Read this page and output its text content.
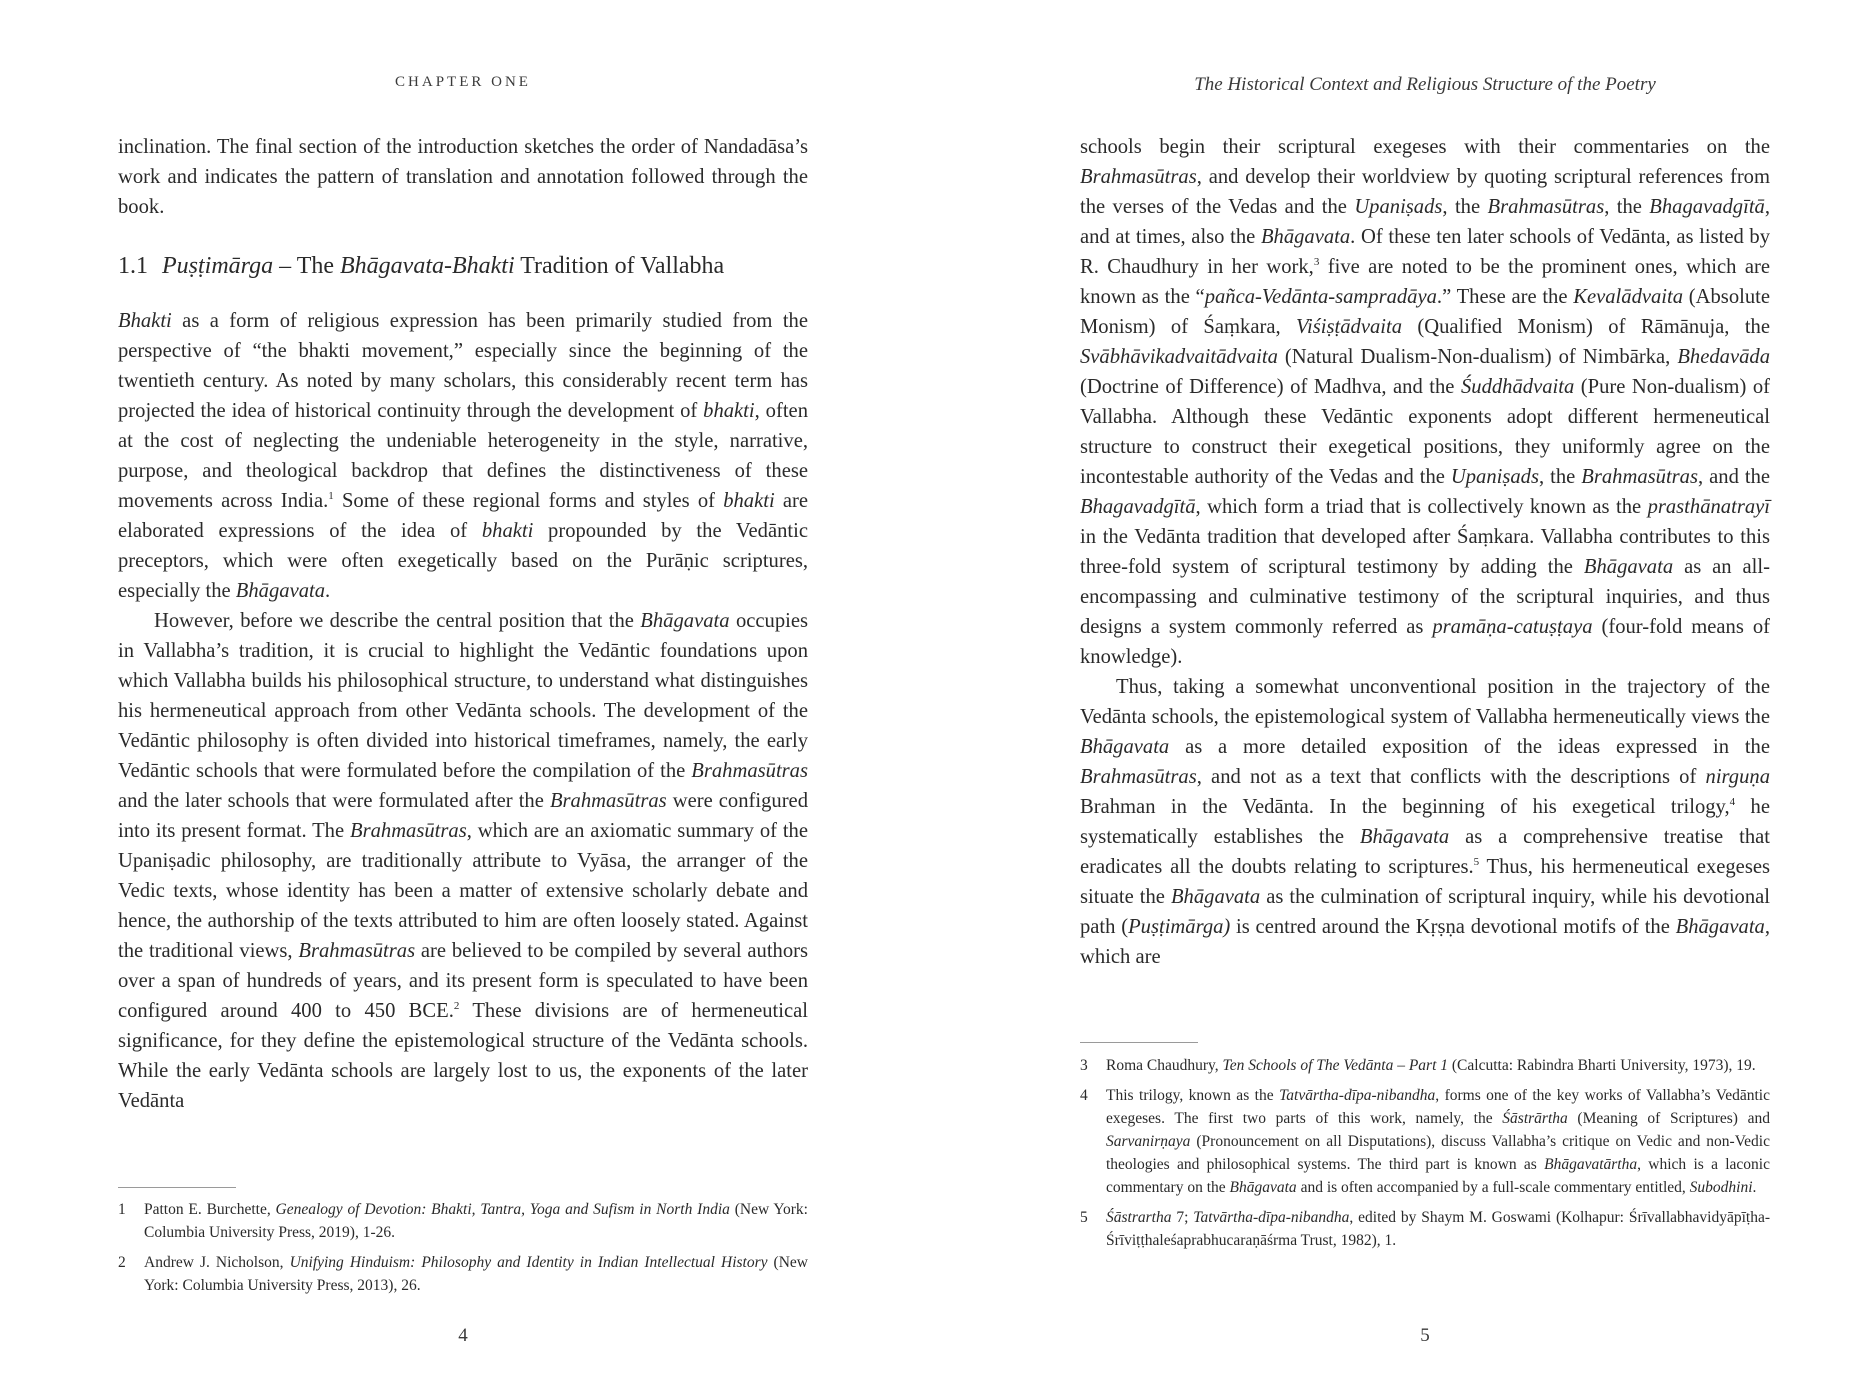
CHAPTER ONE

inclination. The final section of the introduction sketches the order of Nandadāsa’s work and indicates the pattern of translation and annotation followed through the book.

1.1 Puṣṭimārga – The Bhāgavata-Bhakti Tradition of Vallabha

Bhakti as a form of religious expression has been primarily studied from the perspective of “the bhakti movement,” especially since the beginning of the twentieth century. As noted by many scholars, this considerably recent term has projected the idea of historical continuity through the development of bhakti, often at the cost of neglecting the undeniable heterogeneity in the style, narrative, purpose, and theological backdrop that defines the distinctiveness of these movements across India.$^1$ Some of these regional forms and styles of bhakti are elaborated expressions of the idea of bhakti propounded by the Vedāntic preceptors, which were often exegetically based on the Purāṇic scriptures, especially the Bhāgavata.

However, before we describe the central position that the Bhāgavata occupies in Vallabha’s tradition, it is crucial to highlight the Vedāntic foundations upon which Vallabha builds his philosophical structure, to understand what distinguishes his hermeneutical approach from other Vedānta schools. The development of the Vedāntic philosophy is often divided into historical timeframes, namely, the early Vedāntic schools that were formulated before the compilation of the Brahmasūtras and the later schools that were formulated after the Brahmasūtras were configured into its present format. The Brahmasūtras, which are an axiomatic summary of the Upaniṣadic philosophy, are traditionally attribute to Vyāsa, the arranger of the Vedic texts, whose identity has been a matter of extensive scholarly debate and hence, the authorship of the texts attributed to him are often loosely stated. Against the traditional views, Brahmasūtras are believed to be compiled by several authors over a span of hundreds of years, and its present form is speculated to have been configured around 400 to 450 BCE.$^2$ These divisions are of hermeneutical significance, for they define the epistemological structure of the Vedānta schools. While the early Vedānta schools are largely lost to us, the exponents of the later Vedānta

1	Patton E. Burchette, Genealogy of Devotion: Bhakti, Tantra, Yoga and Sufism in North India (New York: Columbia University Press, 2019), 1-26.
2	Andrew J. Nicholson, Unifying Hinduism: Philosophy and Identity in Indian Intellectual History (New York: Columbia University Press, 2013), 26.
4
The Historical Context and Religious Structure of the Poetry

schools begin their scriptural exegeses with their commentaries on the Brahmasūtras, and develop their worldview by quoting scriptural references from the verses of the Vedas and the Upaniṣads, the Brahmasūtras, the Bhagavadgītā, and at times, also the Bhāgavata. Of these ten later schools of Vedānta, as listed by R. Chaudhury in her work,$^3$ five are noted to be the prominent ones, which are known as the “pañca-Vedānta-sampradāya.” These are the Kevalādvaita (Absolute Monism) of Śaṃkara, Viśiṣṭādvaita (Qualified Monism) of Rāmānuja, the Svābhāvikadvaitādvaita (Natural Dualism-Non-dualism) of Nimbārka, Bhedavāda (Doctrine of Difference) of Madhva, and the Śuddhādvaita (Pure Non-dualism) of Vallabha. Although these Vedāntic exponents adopt different hermeneutical structure to construct their exegetical positions, they uniformly agree on the incontestable authority of the Vedas and the Upaniṣads, the Brahmasūtras, and the Bhagavadgītā, which form a triad that is collectively known as the prasthānatrayī in the Vedānta tradition that developed after Śaṃkara. Vallabha contributes to this three-fold system of scriptural testimony by adding the Bhāgavata as an all-encompassing and culminative testimony of the scriptural inquiries, and thus designs a system commonly referred as pramāṇa-catuṣṭaya (four-fold means of knowledge).

Thus, taking a somewhat unconventional position in the trajectory of the Vedānta schools, the epistemological system of Vallabha hermeneutically views the Bhāgavata as a more detailed exposition of the ideas expressed in the Brahmasūtras, and not as a text that conflicts with the descriptions of nirguṇa Brahman in the Vedānta. In the beginning of his exegetical trilogy,$^4$ he systematically establishes the Bhāgavata as a comprehensive treatise that eradicates all the doubts relating to scriptures.$^5$ Thus, his hermeneutical exegeses situate the Bhāgavata as the culmination of scriptural inquiry, while his devotional path (Puṣṭimārga) is centred around the Kṛṣṇa devotional motifs of the Bhāgavata, which are

3	Roma Chaudhury, Ten Schools of The Vedānta – Part 1 (Calcutta: Rabindra Bharti University, 1973), 19.
4	This trilogy, known as the Tatvārtha-dīpa-nibandha, forms one of the key works of Vallabha’s Vedāntic exegeses. The first two parts of this work, namely, the Śāstrārtha (Meaning of Scriptures) and Sarvanirṇaya (Pronouncement on all Disputations), discuss Vallabha’s critique on Vedic and non-Vedic theologies and philosophical systems. The third part is known as Bhāgavatārtha, which is a laconic commentary on the Bhāgavata and is often accompanied by a full-scale commentary entitled, Subodhini.
5	Śāstrartha 7; Tatvārtha-dīpa-nibandha, edited by Shaym M. Goswami (Kolhapur: Śrīvallabhavidyāpīṭha-Śrīviṭṭhaleśaprabhucaraṇāśrma Trust, 1982), 1.
5
